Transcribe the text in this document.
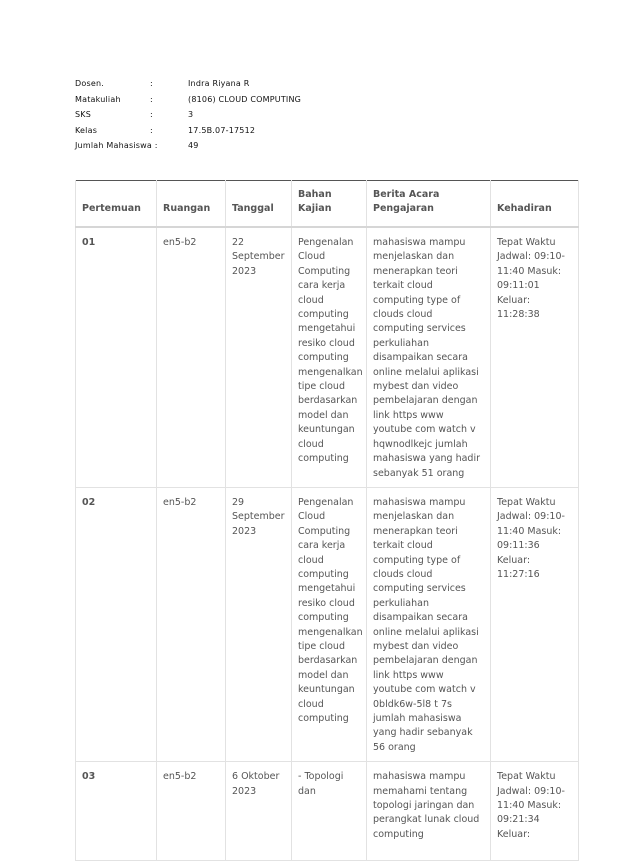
Dosen.	:	Indra Riyana R
Matakuliah	:	(8106) CLOUD COMPUTING
SKS	:	3
Kelas	:	17.5B.07-17512
Jumlah Mahasiswa :	49
Pertemuan	Ruangan	Tanggal	Bahan Kajian	Berita Acara Pengajaran	Kehadiran
01	en5-b2	22 September 2023	Pengenalan Cloud Computing cara kerja cloud computing mengetahui resiko cloud computing mengenalkan tipe cloud berdasarkan model dan keuntungan cloud computing	mahasiswa mampu menjelaskan dan menerapkan teori terkait cloud computing type of clouds cloud computing services perkuliahan disampaikan secara online melalui aplikasi mybest dan video pembelajaran dengan link https www youtube com watch v hqwnodlkejc jumlah mahasiswa yang hadir sebanyak 51 orang	Tepat Waktu Jadwal: 09:10-11:40 Masuk: 09:11:01 Keluar: 11:28:38
02	en5-b2	29 September 2023	Pengenalan Cloud Computing cara kerja cloud computing mengetahui resiko cloud computing mengenalkan tipe cloud berdasarkan model dan keuntungan cloud computing	mahasiswa mampu menjelaskan dan menerapkan teori terkait cloud computing type of clouds cloud computing services perkuliahan disampaikan secara online melalui aplikasi mybest dan video pembelajaran dengan link https www youtube com watch v 0bldk6w-5l8 t 7s jumlah mahasiswa yang hadir sebanyak 56 orang	Tepat Waktu Jadwal: 09:10-11:40 Masuk: 09:11:36 Keluar: 11:27:16
03	en5-b2	6 Oktober 2023	- Topologi dan	mahasiswa mampu memahami tentang topologi jaringan dan perangkat lunak cloud computing	Tepat Waktu Jadwal: 09:10-11:40 Masuk: 09:21:34 Keluar:
